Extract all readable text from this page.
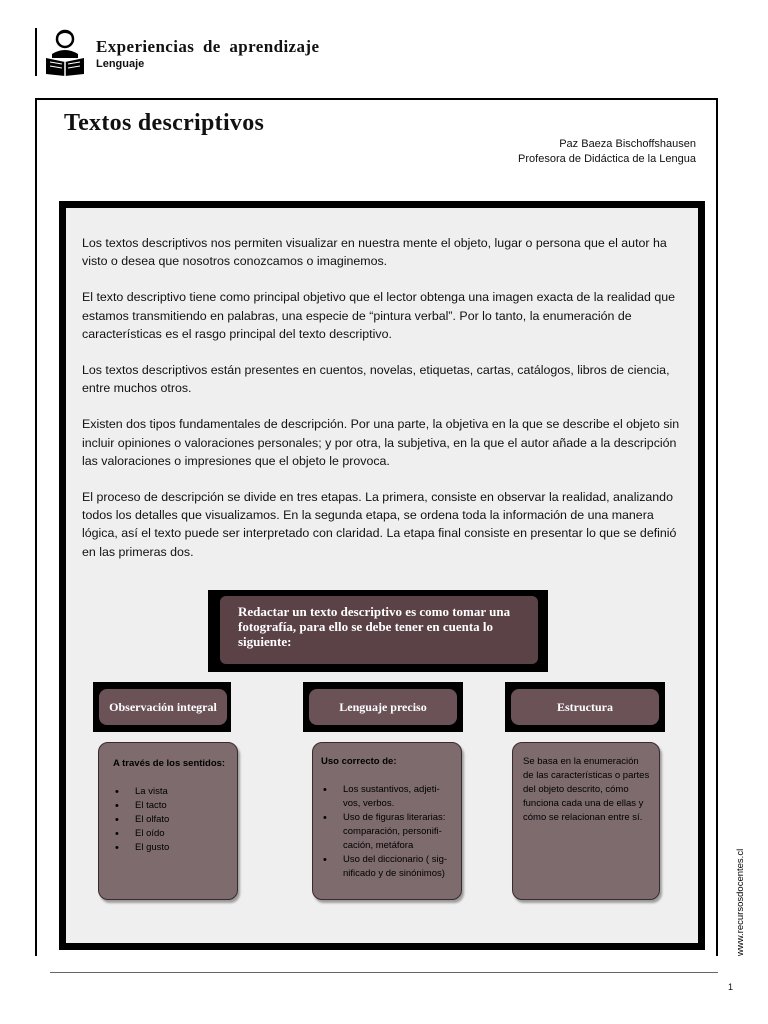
Experiencias de aprendizaje
Lenguaje
Textos descriptivos
Paz Baeza Bischoffshausen
Profesora de Didáctica de la Lengua

Los textos descriptivos nos permiten visualizar en nuestra mente el objeto, lugar o persona que el autor ha visto o desea que nosotros conozcamos o imaginemos.

El texto descriptivo tiene como principal objetivo que el lector obtenga una imagen exacta de la realidad que estamos transmitiendo en palabras, una especie de “pintura verbal”. Por lo tanto, la enumeración de características es el rasgo principal del texto descriptivo.

Los textos descriptivos están presentes en cuentos, novelas, etiquetas, cartas, catálogos, libros de ciencia, entre muchos otros.

Existen dos tipos fundamentales de descripción. Por una parte, la objetiva en la que se describe el objeto sin incluir opiniones o valoraciones personales; y por otra, la subjetiva, en la que el autor añade a la descripción las valoraciones o impresiones que el objeto le provoca.

El proceso de descripción se divide en tres etapas. La primera, consiste en observar la realidad, analizando todos los detalles que visualizamos. En la segunda etapa, se ordena toda la información de una manera lógica, así el texto puede ser interpretado con claridad. La etapa final consiste en presentar lo que se definió en las primeras dos.

Redactar un texto descriptivo es como tomar una fotografía, para ello se debe tener en cuenta lo siguiente:
Observación integral	Lenguaje preciso	Estructura
A través de los sentidos:
• La vista
• El tacto
• El olfato
• El oído
• El gusto
Uso correcto de:
• Los sustantivos, adjeti-vos, verbos.
• Uso de figuras literarias: comparación, personifi-cación, metáfora
• Uso del diccionario ( sig-nificado y de sinónimos)
Se basa en la enumeración de las características o partes del objeto descrito, cómo funciona cada una de ellas y cómo se relacionan entre sí.
www.recursosdocentes.cl
1
